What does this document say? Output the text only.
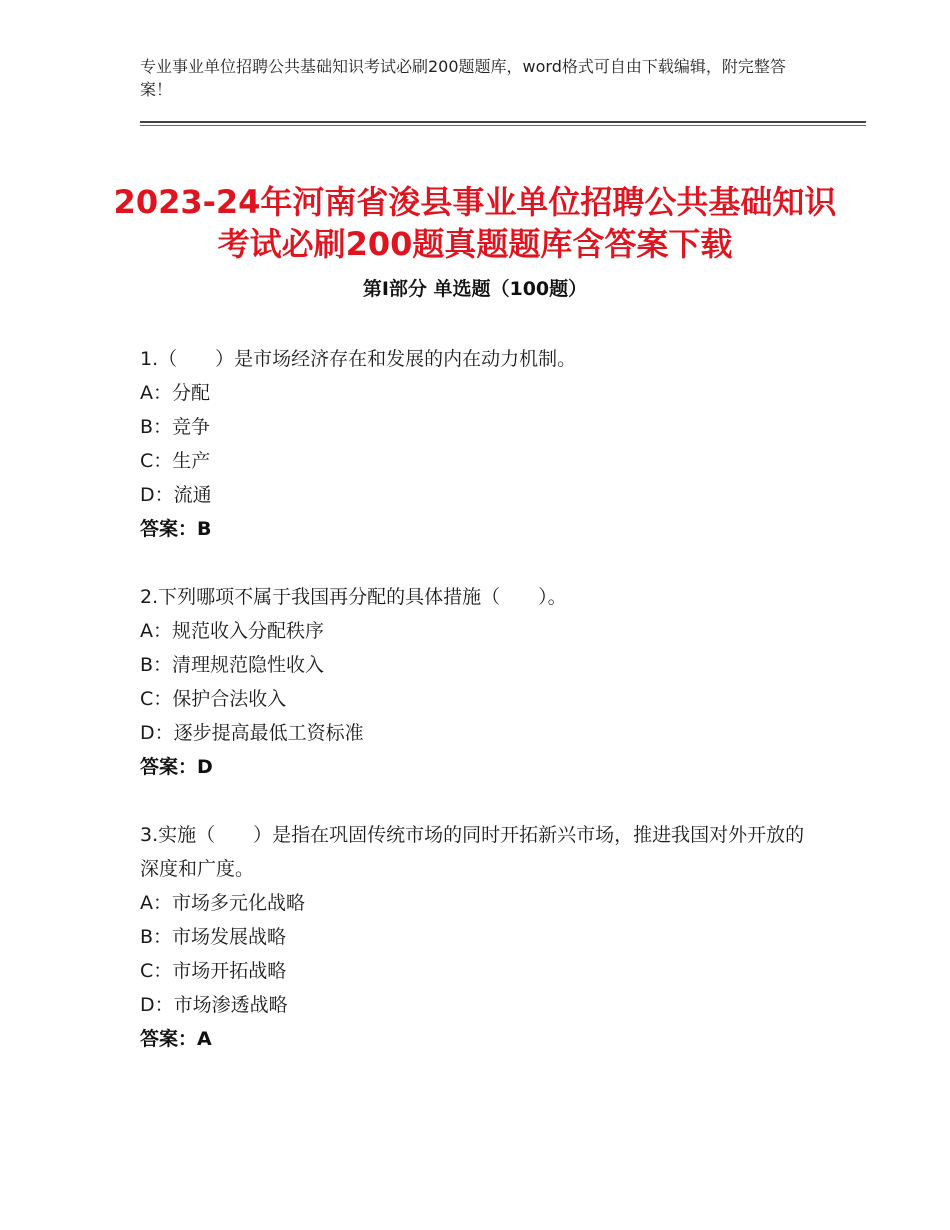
专业事业单位招聘公共基础知识考试必刷200题题库，word格式可自由下载编辑，附完整答案！
2023-24年河南省浚县事业单位招聘公共基础知识考试必刷200题真题题库含答案下载
第Ⅰ部分 单选题（100题）
1.（　　）是市场经济存在和发展的内在动力机制。
A：分配
B：竞争
C：生产
D：流通
答案：B
2.下列哪项不属于我国再分配的具体措施（　　）。
A：规范收入分配秩序
B：清理规范隐性收入
C：保护合法收入
D：逐步提高最低工资标准
答案：D
3.实施（　　）是指在巩固传统市场的同时开拓新兴市场，推进我国对外开放的深度和广度。
A：市场多元化战略
B：市场发展战略
C：市场开拓战略
D：市场渗透战略
答案：A
